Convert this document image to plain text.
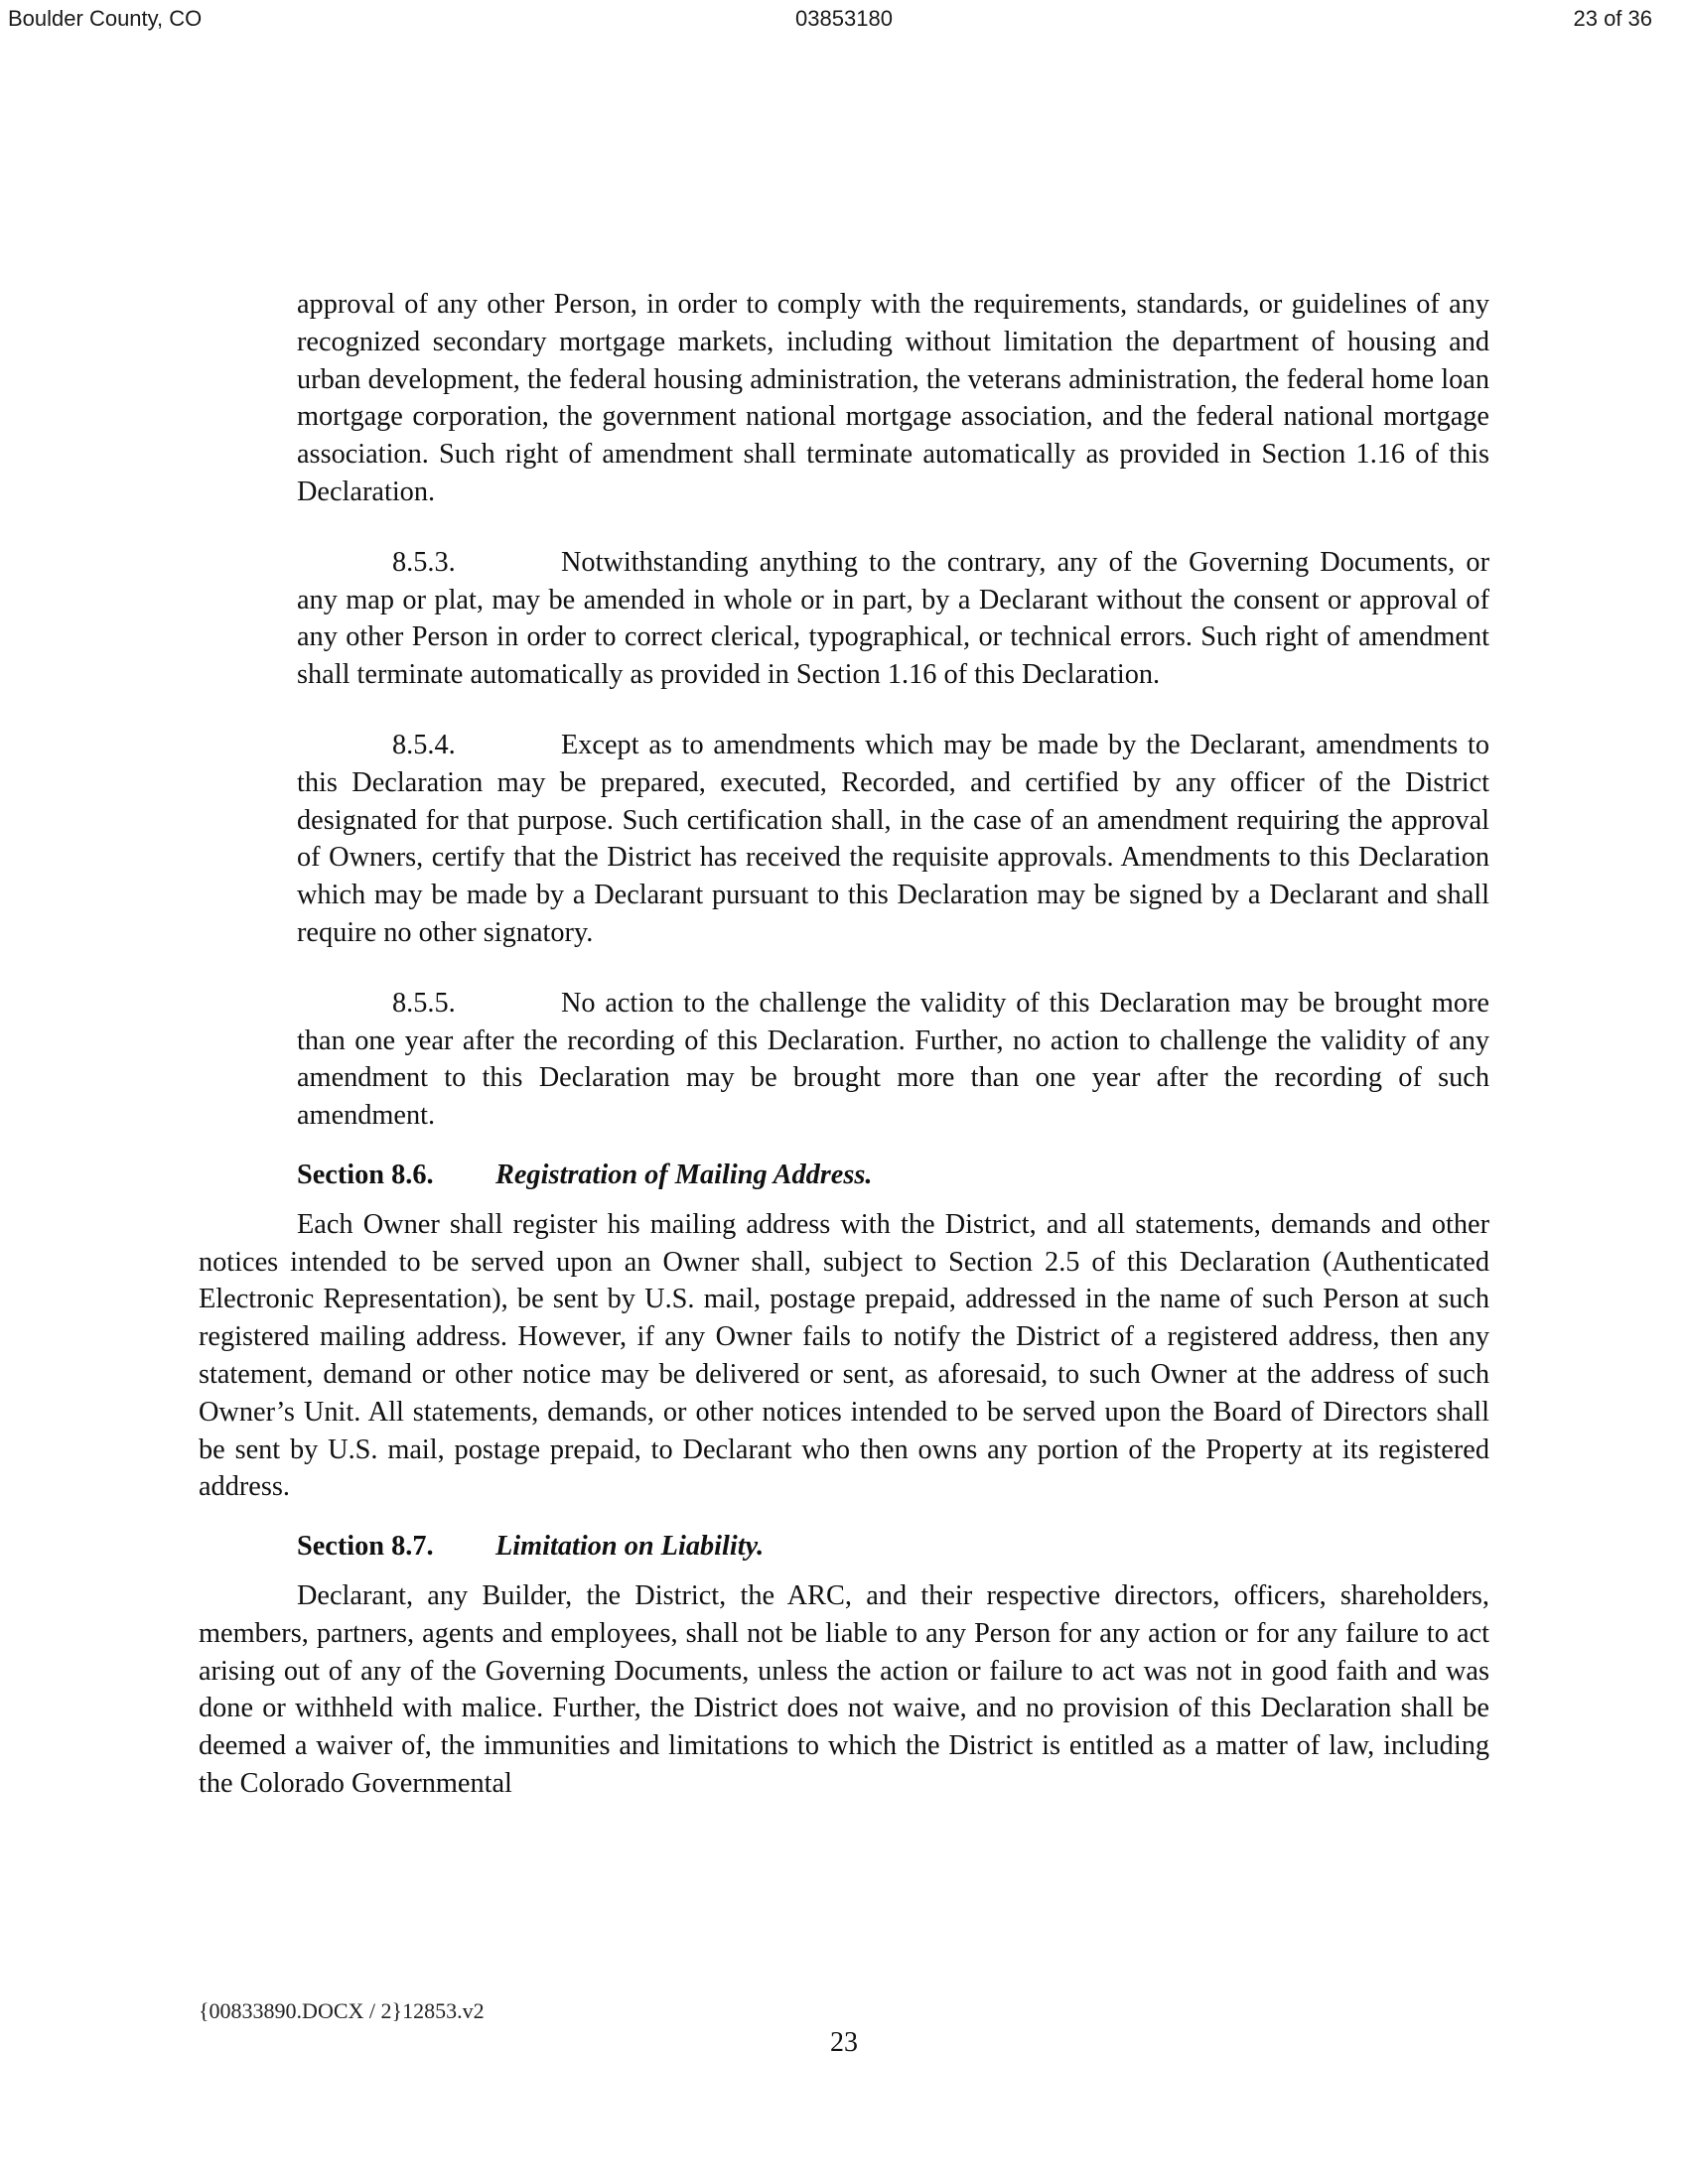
03853180
Boulder County, CO	23 of 36

approval of any other Person, in order to comply with the requirements, standards, or guidelines of any recognized secondary mortgage markets, including without limitation the department of housing and urban development, the federal housing administration, the veterans administration, the federal home loan mortgage corporation, the government national mortgage association, and the federal national mortgage association. Such right of amendment shall terminate automatically as provided in Section 1.16 of this Declaration.

8.5.3.	Notwithstanding anything to the contrary, any of the Governing Documents, or any map or plat, may be amended in whole or in part, by a Declarant without the consent or approval of any other Person in order to correct clerical, typographical, or technical errors. Such right of amendment shall terminate automatically as provided in Section 1.16 of this Declaration.

8.5.4.	Except as to amendments which may be made by the Declarant, amendments to this Declaration may be prepared, executed, Recorded, and certified by any officer of the District designated for that purpose. Such certification shall, in the case of an amendment requiring the approval of Owners, certify that the District has received the requisite approvals. Amendments to this Declaration which may be made by a Declarant pursuant to this Declaration may be signed by a Declarant and shall require no other signatory.

8.5.5.	No action to the challenge the validity of this Declaration may be brought more than one year after the recording of this Declaration. Further, no action to challenge the validity of any amendment to this Declaration may be brought more than one year after the recording of such amendment.

Section 8.6. Registration of Mailing Address.

Each Owner shall register his mailing address with the District, and all statements, demands and other notices intended to be served upon an Owner shall, subject to Section 2.5 of this Declaration (Authenticated Electronic Representation), be sent by U.S. mail, postage prepaid, addressed in the name of such Person at such registered mailing address. However, if any Owner fails to notify the District of a registered address, then any statement, demand or other notice may be delivered or sent, as aforesaid, to such Owner at the address of such Owner’s Unit. All statements, demands, or other notices intended to be served upon the Board of Directors shall be sent by U.S. mail, postage prepaid, to Declarant who then owns any portion of the Property at its registered address.

Section 8.7. Limitation on Liability.

Declarant, any Builder, the District, the ARC, and their respective directors, officers, shareholders, members, partners, agents and employees, shall not be liable to any Person for any action or for any failure to act arising out of any of the Governing Documents, unless the action or failure to act was not in good faith and was done or withheld with malice. Further, the District does not waive, and no provision of this Declaration shall be deemed a waiver of, the immunities and limitations to which the District is entitled as a matter of law, including the Colorado Governmental

{00833890.DOCX / 2}12853.v2
23
